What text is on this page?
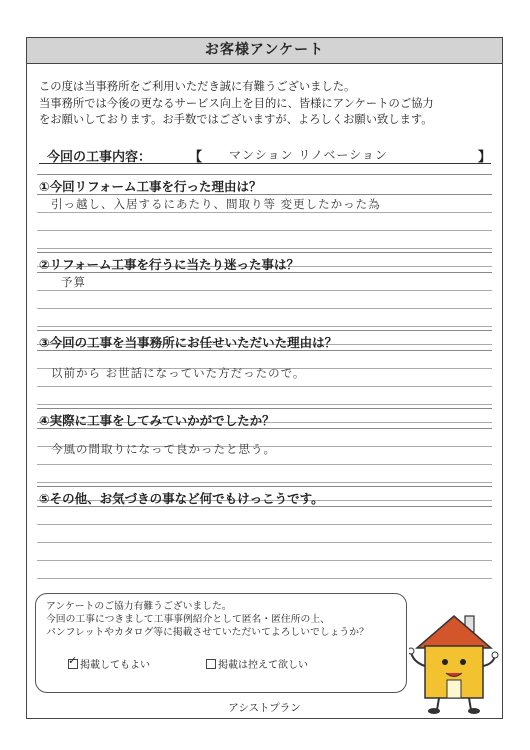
お客様アンケート
この度は当事務所をご利用いただき誠に有難うございました。
当事務所では今後の更なるサービス向上を目的に、皆様にアンケートのご協力
をお願いしております。お手数ではございますが、よろしくお願い致します。
今回の工事内容：	【 マンション リノベーション	】
①今回リフォーム工事を行った理由は？
引っ越し、入居するにあたり、間取り等 変更したかった為
②リフォーム工事を行うに当たり迷った事は？
予算
③今回の工事を当事務所にお任せいただいた理由は？
以前から お世話になっていた方だったので。
④実際に工事をしてみていかがでしたか？
今風の間取りになって良かったと思う。
⑤その他、お気づきの事など何でもけっこうです。
アンケートのご協力有難うございました。
今回の工事につきまして工事事例紹介として匿名・匿住所の上、
パンフレットやカタログ等に掲載させていただいてよろしいでしょうか？
✓
掲載してもよい	掲載は控えて欲しい
アシストプラン
